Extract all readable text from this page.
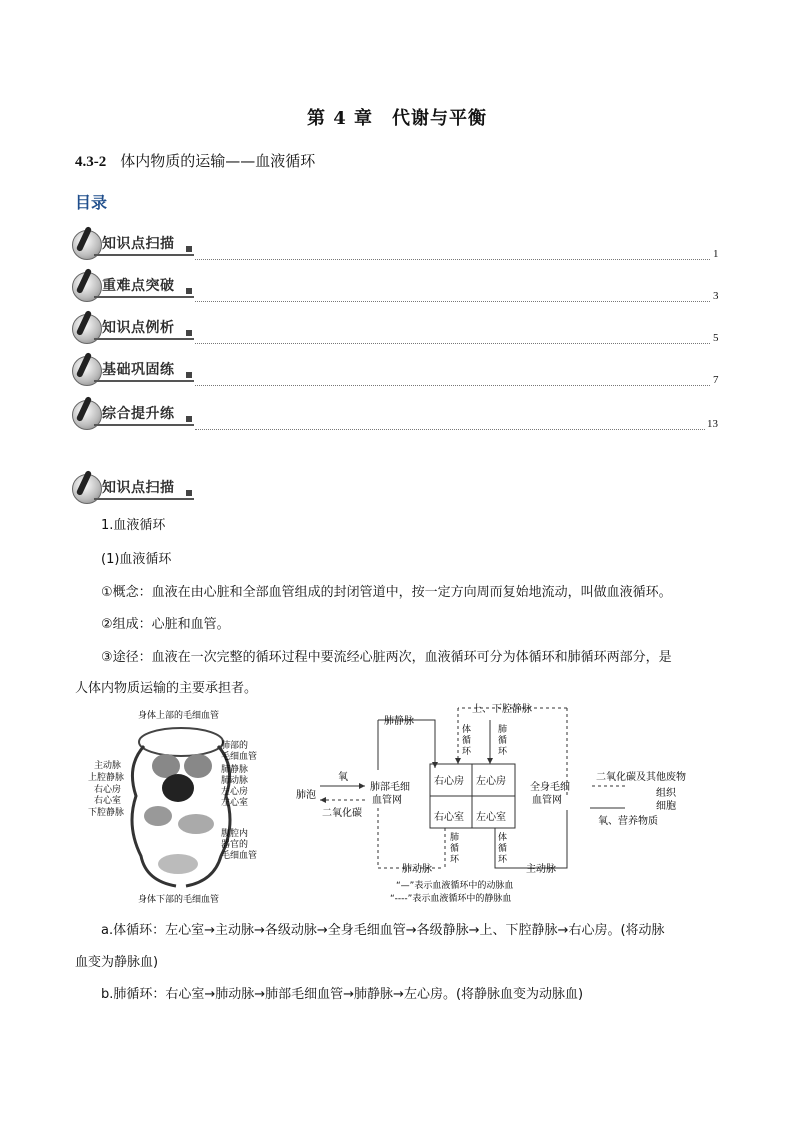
第 4 章　代谢与平衡
4.3-2 体内物质的运输——血液循环
目录
知识点扫描
1
重难点突破
3
知识点例析
5
基础巩固练
7
综合提升练
13
知识点扫描
1.血液循环
(1)血液循环
①概念：血液在由心脏和全部血管组成的封闭管道中，按一定方向周而复始地流动，叫做血液循环。
②组成：心脏和血管。
③途径：血液在一次完整的循环过程中要流经心脏两次，血液循环可分为体循环和肺循环两部分，是
人体内物质运输的主要承担者。
身体上部的毛细血管
主动脉
上腔静脉
右心房
右心室
下腔静脉
肺部的
毛细血管
肺静脉
肺动脉
左心房
左心室
腹腔内
器官的
毛细血管
身体下部的毛细血管
上、下腔静脉
肺静脉
体
循
环
肺
循
环
右心房 左心房
右心室 左心室
氧
肺泡
二氧化碳
肺部毛细
血管网
全身毛细
血管网
二氧化碳及其他废物
组织
细胞
氧、营养物质
体
循
环
肺
循
环
肺动脉	主动脉
“—”表示血液循环中的动脉血
“----”表示血液循环中的静脉血
a.体循环：左心室→主动脉→各级动脉→全身毛细血管→各级静脉→上、下腔静脉→右心房。(将动脉
血变为静脉血)
b.肺循环：右心室→肺动脉→肺部毛细血管→肺静脉→左心房。(将静脉血变为动脉血)
